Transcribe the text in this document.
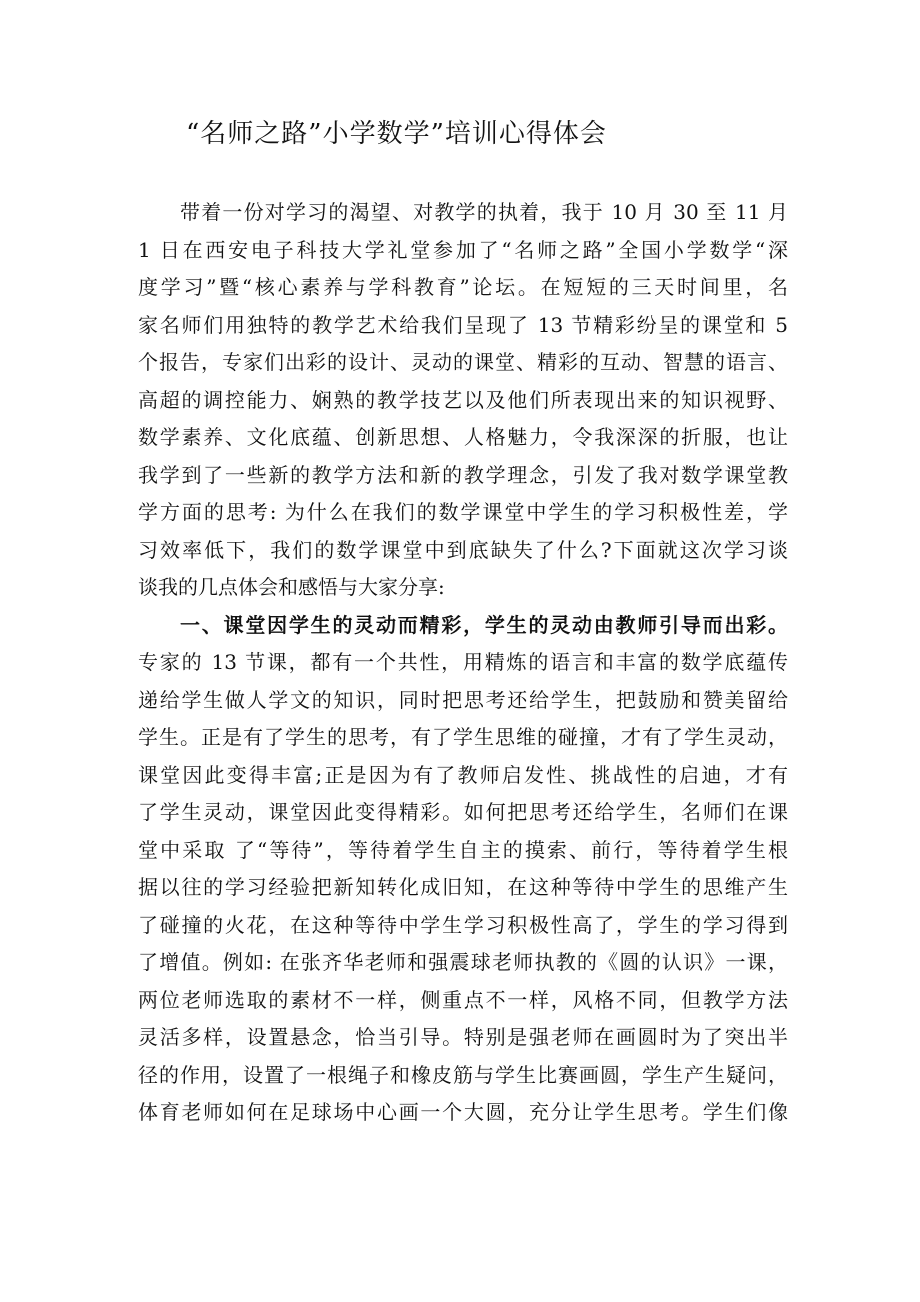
“名师之路”小学数学”培训心得体会
带着一份对学习的渴望、对教学的执着，我于 10 月 30 至 11 月
1 日在西安电子科技大学礼堂参加了“名师之路”全国小学数学“深
度学习”暨“核心素养与学科教育”论坛。在短短的三天时间里，名
家名师们用独特的教学艺术给我们呈现了 13 节精彩纷呈的课堂和 5
个报告，专家们出彩的设计、灵动的课堂、精彩的互动、智慧的语言、
高超的调控能力、娴熟的教学技艺以及他们所表现出来的知识视野、
数学素养、文化底蕴、创新思想、人格魅力，令我深深的折服，也让
我学到了一些新的教学方法和新的教学理念，引发了我对数学课堂教
学方面的思考: 为什么在我们的数学课堂中学生的学习积极性差，学
习效率低下，我们的数学课堂中到底缺失了什么?下面就这次学习谈
谈我的几点体会和感悟与大家分享:
一、课堂因学生的灵动而精彩，学生的灵动由教师引导而出彩。
专家的 13 节课，都有一个共性，用精炼的语言和丰富的数学底蕴传
递给学生做人学文的知识，同时把思考还给学生，把鼓励和赞美留给
学生。正是有了学生的思考，有了学生思维的碰撞，才有了学生灵动，
课堂因此变得丰富;正是因为有了教师启发性、挑战性的启迪，才有
了学生灵动，课堂因此变得精彩。如何把思考还给学生，名师们在课
堂中采取 了“等待”，等待着学生自主的摸索、前行，等待着学生根
据以往的学习经验把新知转化成旧知，在这种等待中学生的思维产生
了碰撞的火花，在这种等待中学生学习积极性高了，学生的学习得到
了增值。例如: 在张齐华老师和强震球老师执教的《圆的认识》一课，
两位老师选取的素材不一样，侧重点不一样，风格不同，但教学方法
灵活多样，设置悬念，恰当引导。特别是强老师在画圆时为了突出半
径的作用，设置了一根绳子和橡皮筋与学生比赛画圆，学生产生疑问，
体育老师如何在足球场中心画一个大圆，充分让学生思考。学生们像
